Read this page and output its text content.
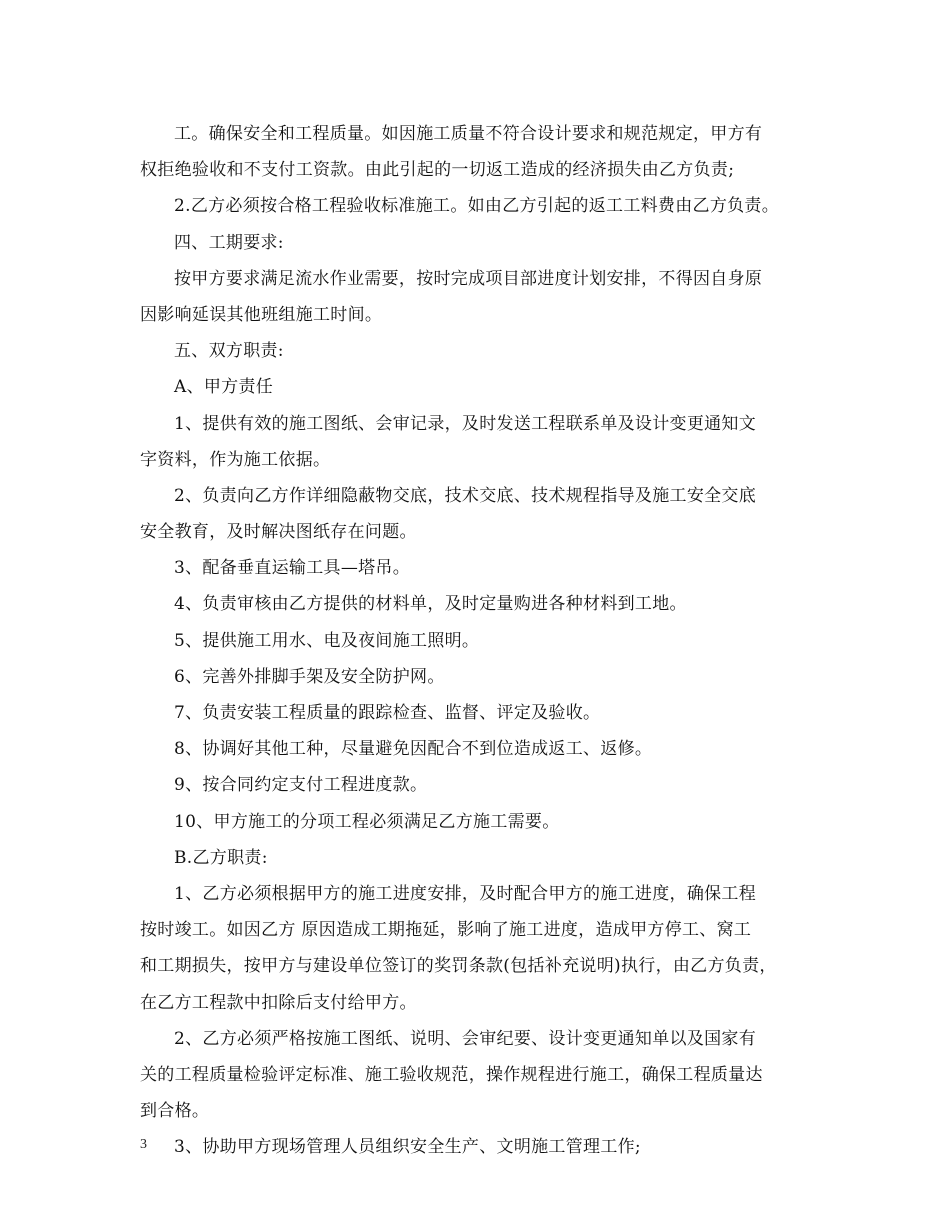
工。确保安全和工程质量。如因施工质量不符合设计要求和规范规定，甲方有
权拒绝验收和不支付工资款。由此引起的一切返工造成的经济损失由乙方负责;
2.乙方必须按合格工程验收标准施工。如由乙方引起的返工工料费由乙方负责。
四、工期要求:
按甲方要求满足流水作业需要，按时完成项目部进度计划安排，不得因自身原
因影响延误其他班组施工时间。
五、双方职责:
A、甲方责任
1、提供有效的施工图纸、会审记录，及时发送工程联系单及设计变更通知文
字资料，作为施工依据。
2、负责向乙方作详细隐蔽物交底，技术交底、技术规程指导及施工安全交底
安全教育，及时解决图纸存在问题。
3、配备垂直运输工具—塔吊。
4、负责审核由乙方提供的材料单，及时定量购进各种材料到工地。
5、提供施工用水、电及夜间施工照明。
6、完善外排脚手架及安全防护网。
7、负责安装工程质量的跟踪检查、监督、评定及验收。
8、协调好其他工种，尽量避免因配合不到位造成返工、返修。
9、按合同约定支付工程进度款。
10、甲方施工的分项工程必须满足乙方施工需要。
B.乙方职责:
1、乙方必须根据甲方的施工进度安排，及时配合甲方的施工进度，确保工程
按时竣工。如因乙方 原因造成工期拖延，影响了施工进度，造成甲方停工、窝工
和工期损失，按甲方与建设单位签订的奖罚条款(包括补充说明)执行，由乙方负责，
在乙方工程款中扣除后支付给甲方。
2、乙方必须严格按施工图纸、说明、会审纪要、设计变更通知单以及国家有
关的工程质量检验评定标准、施工验收规范，操作规程进行施工，确保工程质量达
到合格。
3、协助甲方现场管理人员组织安全生产、文明施工管理工作;
3
